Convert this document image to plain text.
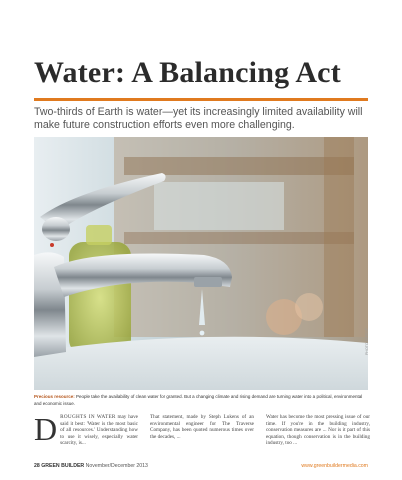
Water: A Balancing Act
Two-thirds of Earth is water—yet its increasingly limited availability will make future construction efforts even more challenging.
PHOTO CREDIT
Precious resource: People take the availability of clean water for granted. But a changing climate and rising demand are turning water into a political, environmental and economic issue.
D ROUGHTS IN WATER may have said it best: 'Water is the most basic of all resources.' Understanding how to use it wisely, especially water scarcity, is...
That statement, made by Steph Lukens of an environmental engineer for The Traverse Company, has been quoted numerous times over the decades, ...
Water has become the most pressing issue of our time. If you're in the building industry, conservation measures are ... Nor is it part of this equation, though conservation is in the building industry, too ...
28 GREEN BUILDER November/December 2013	www.greenbuildermedia.com
